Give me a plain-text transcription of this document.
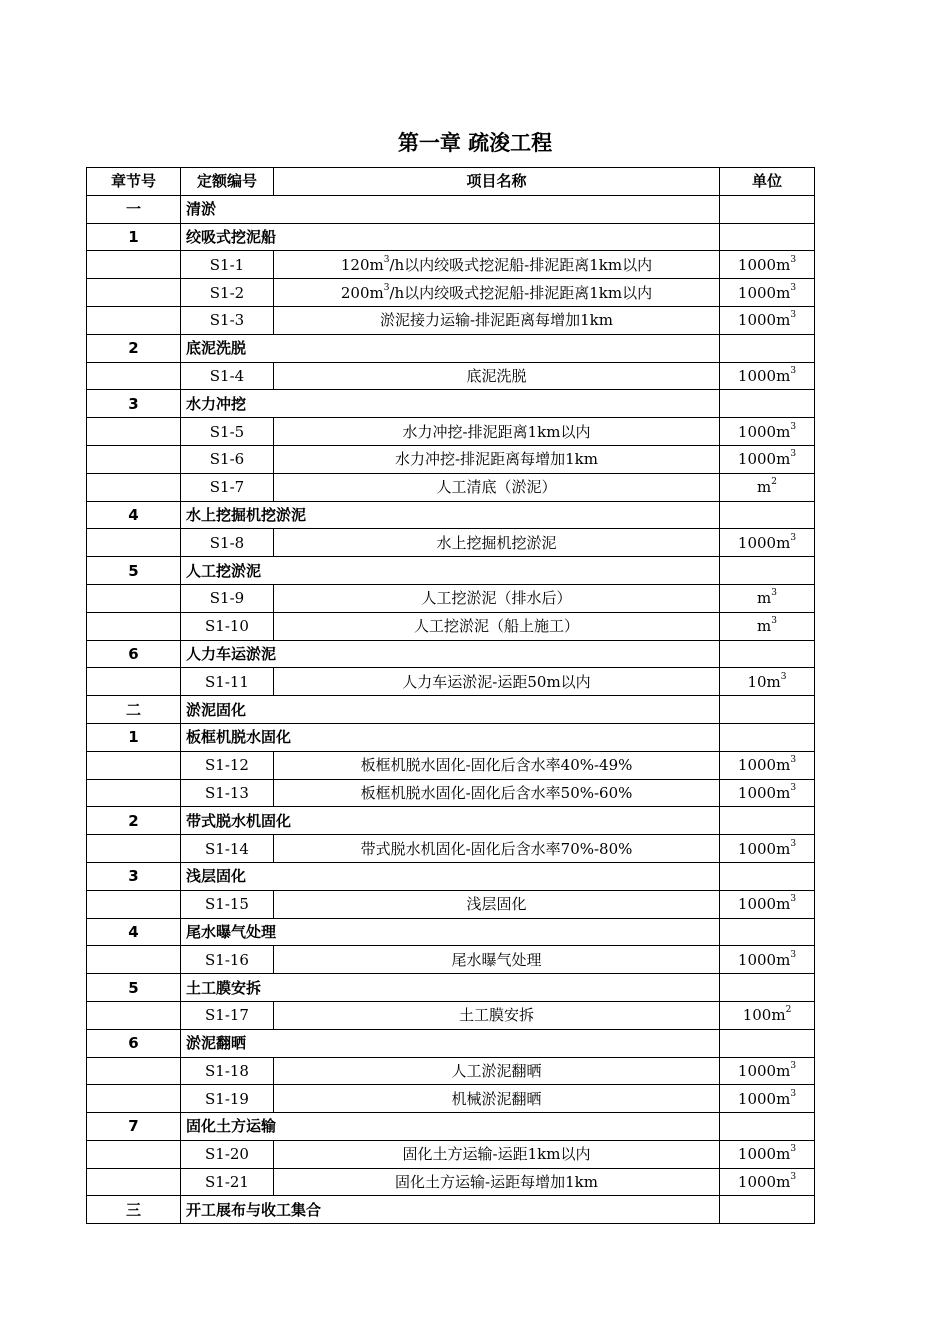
第一章 疏浚工程
章节号	定额编号	项目名称	单位
一	清淤		
1	绞吸式挖泥船		
	S1-1	$120m^3/h$以内绞吸式挖泥船-排泥距离1km以内	$1000m^3$
	S1-2	$200m^3/h$以内绞吸式挖泥船-排泥距离1km以内	$1000m^3$
	S1-3	淤泥接力运输-排泥距离每增加1km	$1000m^3$
2	底泥洗脱		
	S1-4	底泥洗脱	$1000m^3$
3	水力冲挖		
	S1-5	水力冲挖-排泥距离1km以内	$1000m^3$
	S1-6	水力冲挖-排泥距离每增加1km	$1000m^3$
	S1-7	人工清底（淤泥）	$m^2$
4	水上挖掘机挖淤泥		
	S1-8	水上挖掘机挖淤泥	$1000m^3$
5	人工挖淤泥		
	S1-9	人工挖淤泥（排水后）	$m^3$
	S1-10	人工挖淤泥（船上施工）	$m^3$
6	人力车运淤泥		
	S1-11	人力车运淤泥-运距50m以内	$10m^3$
二	淤泥固化		
1	板框机脱水固化		
	S1-12	板框机脱水固化-固化后含水率40%-49%	$1000m^3$
	S1-13	板框机脱水固化-固化后含水率50%-60%	$1000m^3$
2	带式脱水机固化		
	S1-14	带式脱水机固化-固化后含水率70%-80%	$1000m^3$
3	浅层固化		
	S1-15	浅层固化	$1000m^3$
4	尾水曝气处理		
	S1-16	尾水曝气处理	$1000m^3$
5	土工膜安拆		
	S1-17	土工膜安拆	$100m^2$
6	淤泥翻晒		
	S1-18	人工淤泥翻晒	$1000m^3$
	S1-19	机械淤泥翻晒	$1000m^3$
7	固化土方运输		
	S1-20	固化土方运输-运距1km以内	$1000m^3$
	S1-21	固化土方运输-运距每增加1km	$1000m^3$
三	开工展布与收工集合		
